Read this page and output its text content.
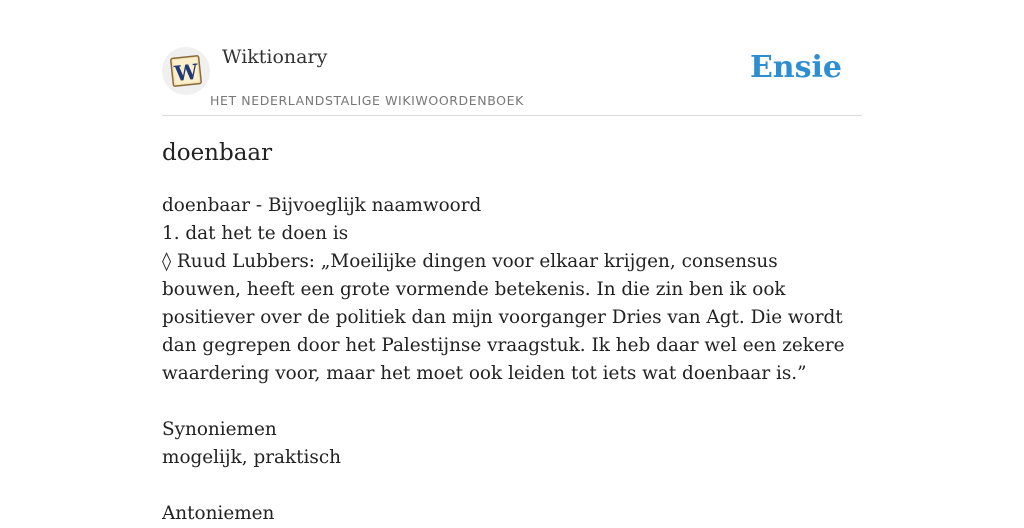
W
Wiktionary
HET NEDERLANDSTALIGE WIKIWOORDENBOEK
Ensie
doenbaar

doenbaar - Bijvoeglijk naamwoord

1. dat het te doen is

◊ Ruud Lubbers: „Moeilijke dingen voor elkaar krijgen, consensus bouwen, heeft een grote vormende betekenis. In die zin ben ik ook positiever over de politiek dan mijn voorganger Dries van Agt. Die wordt dan gegrepen door het Palestijnse vraagstuk. Ik heb daar wel een zekere waardering voor, maar het moet ook leiden tot iets wat doenbaar is.”

Synoniemen

mogelijk, praktisch

Antoniemen
